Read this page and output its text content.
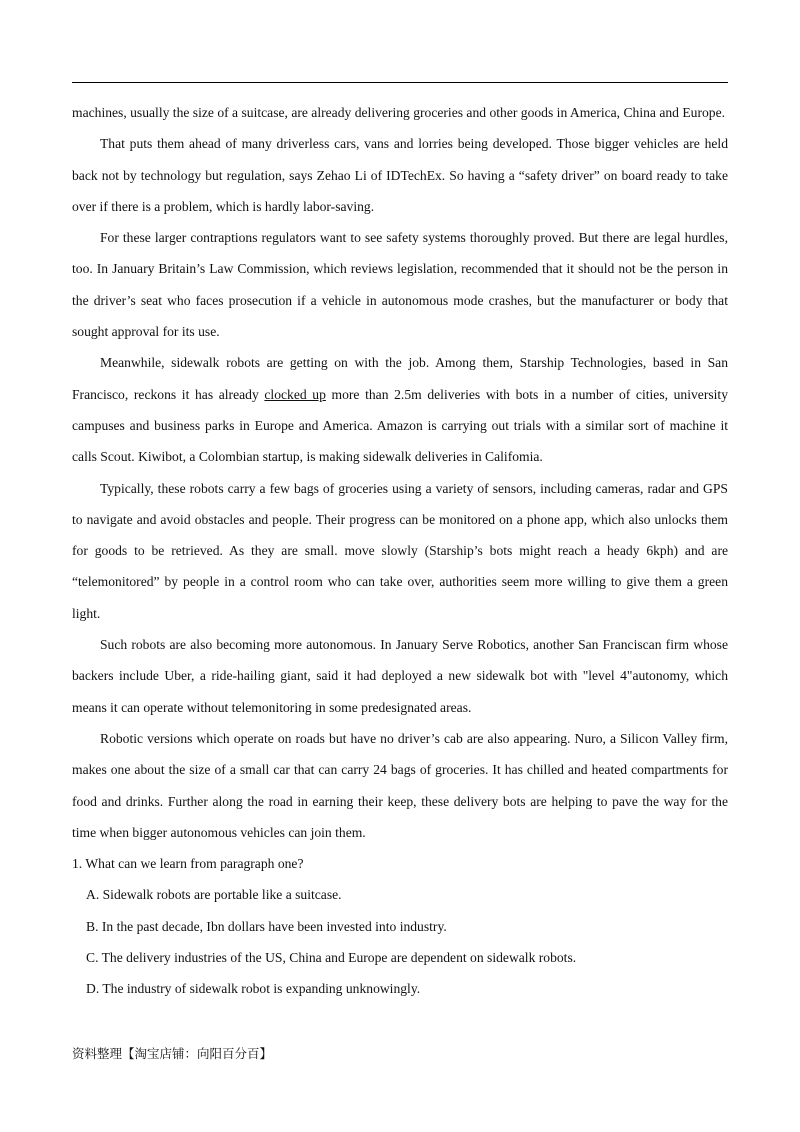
machines, usually the size of a suitcase, are already delivering groceries and other goods in America, China and Europe.

That puts them ahead of many driverless cars, vans and lorries being developed. Those bigger vehicles are held back not by technology but regulation, says Zehao Li of IDTechEx. So having a “safety driver” on board ready to take over if there is a problem, which is hardly labor-saving.

For these larger contraptions regulators want to see safety systems thoroughly proved. But there are legal hurdles, too. In January Britain’s Law Commission, which reviews legislation, recommended that it should not be the person in the driver’s seat who faces prosecution if a vehicle in autonomous mode crashes, but the manufacturer or body that sought approval for its use.

Meanwhile, sidewalk robots are getting on with the job. Among them, Starship Technologies, based in San Francisco, reckons it has already clocked up more than 2.5m deliveries with bots in a number of cities, university campuses and business parks in Europe and America. Amazon is carrying out trials with a similar sort of machine it calls Scout. Kiwibot, a Colombian startup, is making sidewalk deliveries in Califomia.

Typically, these robots carry a few bags of groceries using a variety of sensors, including cameras, radar and GPS to navigate and avoid obstacles and people. Their progress can be monitored on a phone app, which also unlocks them for goods to be retrieved. As they are small. move slowly (Starship’s bots might reach a heady 6kph) and are “telemonitored” by people in a control room who can take over, authorities seem more willing to give them a green light.

Such robots are also becoming more autonomous. In January Serve Robotics, another San Franciscan firm whose backers include Uber, a ride-hailing giant, said it had deployed a new sidewalk bot with "level 4"autonomy, which means it can operate without telemonitoring in some predesignated areas.

Robotic versions which operate on roads but have no driver’s cab are also appearing. Nuro, a Silicon Valley firm, makes one about the size of a small car that can carry 24 bags of groceries. It has chilled and heated compartments for food and drinks. Further along the road in earning their keep, these delivery bots are helping to pave the way for the time when bigger autonomous vehicles can join them.

1. What can we learn from paragraph one?

A. Sidewalk robots are portable like a suitcase.
B. In the past decade, Ibn dollars have been invested into industry.
C. The delivery industries of the US, China and Europe are dependent on sidewalk robots.
D. The industry of sidewalk robot is expanding unknowingly.
资料整理【淘宝店铺：向阳百分百】
